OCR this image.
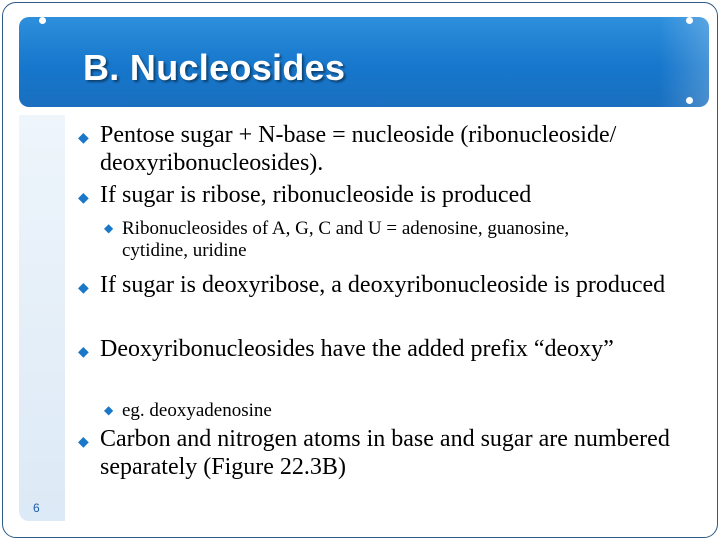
B. Nucleosides
6
◆ Pentose sugar + N-base = nucleoside (ribonucleoside/ deoxyribonucleosides).
◆ If sugar is ribose, ribonucleoside is produced
◆ Ribonucleosides of A, G, C and U = adenosine, guanosine, cytidine, uridine
◆ If sugar is deoxyribose, a deoxyribonucleoside is produced
◆ Deoxyribonucleosides have the added prefix “deoxy”
◆ eg. deoxyadenosine
◆ Carbon and nitrogen atoms in base and sugar are numbered separately (Figure 22.3B)
